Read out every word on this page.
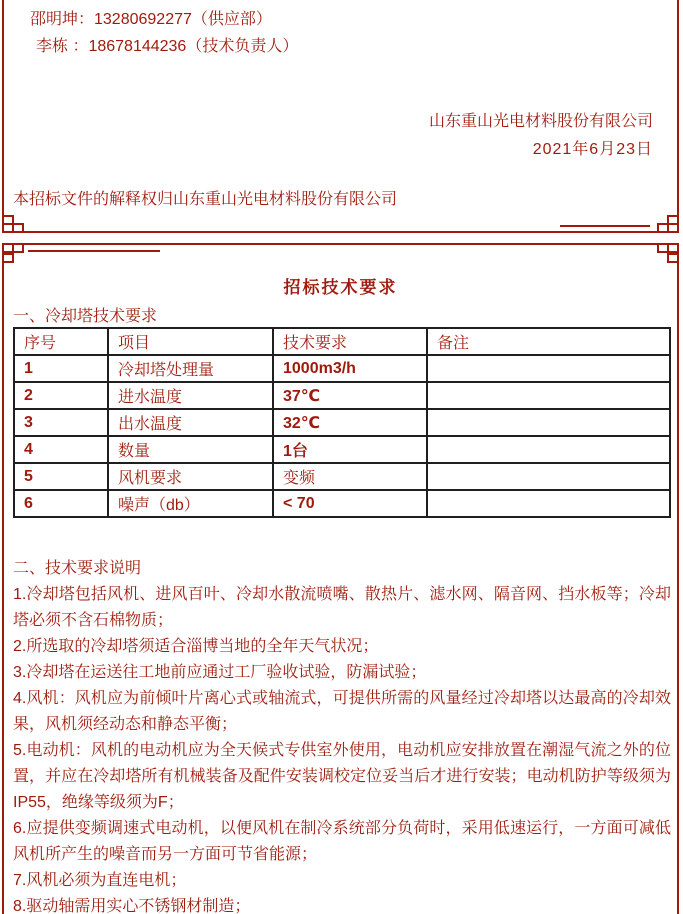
邵明坤：13280692277（供应部）
李栋 ：18678144236（技术负责人）
山东重山光电材料股份有限公司
2021年6月23日
本招标文件的解释权归山东重山光电材料股份有限公司
招标技术要求
一、冷却塔技术要求
序号	项目	技术要求	备注
1	冷却塔处理量	1000m3/h	
2	进水温度	37℃	
3	出水温度	32℃	
4	数量	1台	
5	风机要求	变频	
6	噪声（db）	< 70	
二、技术要求说明
1.冷却塔包括风机、进风百叶、冷却水散流喷嘴、散热片、滤水网、隔音网、挡水板等；冷却塔必须不含石棉物质；
2.所选取的冷却塔须适合淄博当地的全年天气状况；
3.冷却塔在运送往工地前应通过工厂验收试验，防漏试验；
4.风机：风机应为前倾叶片离心式或轴流式，可提供所需的风量经过冷却塔以达最高的冷却效果，风机须经动态和静态平衡；
5.电动机：风机的电动机应为全天候式专供室外使用，电动机应安排放置在潮湿气流之外的位置，并应在冷却塔所有机械装备及配件安装调校定位妥当后才进行安装；电动机防护等级须为IP55，绝缘等级须为F；
6.应提供变频调速式电动机，以便风机在制冷系统部分负荷时，采用低速运行，一方面可减低风机所产生的噪音而另一方面可节省能源；
7.风机必须为直连电机；
8.驱动轴需用实心不锈钢材制造；
